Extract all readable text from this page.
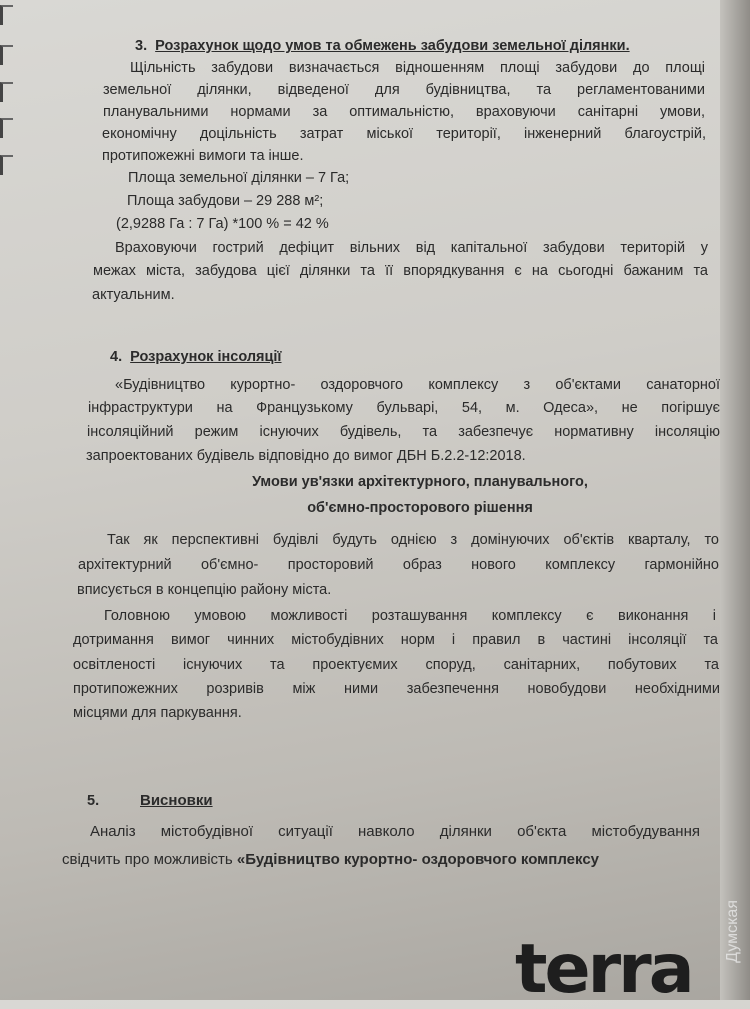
3. Розрахунок щодо умов та обмежень забудови земельної ділянки.
Щільність забудови визначається відношенням площі забудови до площі
земельної ділянки, відведеної для будівництва, та регламентованими
планувальними нормами за оптимальністю, враховуючи санітарні умови,
економічну доцільність затрат міської території, інженерний благоустрій,
протипожежні вимоги та інше.
Площа земельної ділянки – 7 Га;
Площа забудови – 29 288 м²;
(2,9288 Га : 7 Га) *100 % = 42 %
Враховуючи гострий дефіцит вільних від капітальної забудови територій у
межах міста, забудова цієї ділянки та її впорядкування є на сьогодні бажаним та
актуальним.
4. Розрахунок інсоляції
«Будівництво курортно- оздоровчого комплексу з об'єктами санаторної
інфраструктури на Французькому бульварі, 54, м. Одеса», не погіршує
інсоляційний режим існуючих будівель, та забезпечує нормативну інсоляцію
запроектованих будівель відповідно до вимог ДБН Б.2.2-12:2018.
Умови ув'язки архітектурного, планувального,
об'ємно-просторового рішення
Так як перспективні будівлі будуть однією з домінуючих об'єктів кварталу, то
архітектурний об'ємно- просторовий образ нового комплексу гармонійно
вписується в концепцію району міста.
Головною умовою можливості розташування комплексу є виконання і
дотримання вимог чинних містобудівних норм і правил в частині інсоляції та
освітленості існуючих та проектуємих споруд, санітарних, побутових та
протипожежних розривів між ними забезпечення новобудови необхідними
місцями для паркування.
5.	Висновки
Аналіз містобудівної ситуації навколо ділянки об'єкта містобудування
свідчить про можливість «Будівництво курортно- оздоровчого комплексу
terra Думская
